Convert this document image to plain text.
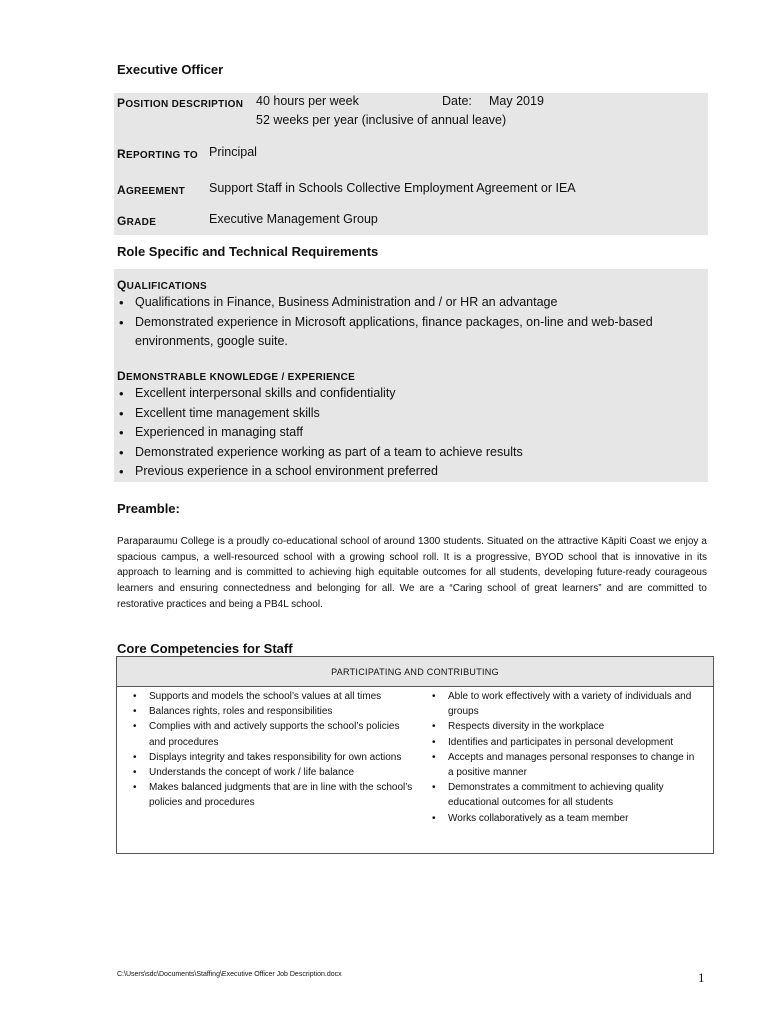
Executive Officer
POSITION DESCRIPTION 40 hours per week	Date: May 2019
52 weeks per year (inclusive of annual leave)
REPORTING TO Principal
AGREEMENT Support Staff in Schools Collective Employment Agreement or IEA
GRADE	Executive Management Group
Role Specific and Technical Requirements
QUALIFICATIONS
• Qualifications in Finance, Business Administration and / or HR an advantage
• Demonstrated experience in Microsoft applications, finance packages, on-line and web-based environments, google suite.
DEMONSTRABLE KNOWLEDGE / EXPERIENCE
• Excellent interpersonal skills and confidentiality
• Excellent time management skills
• Experienced in managing staff
• Demonstrated experience working as part of a team to achieve results
• Previous experience in a school environment preferred
Preamble:
Paraparaumu College is a proudly co-educational school of around 1300 students. Situated on the attractive Kāpiti Coast we enjoy a spacious campus, a well-resourced school with a growing school roll. It is a progressive, BYOD school that is innovative in its approach to learning and is committed to achieving high equitable outcomes for all students, developing future-ready courageous learners and ensuring connectedness and belonging for all. We are a “Caring school of great learners” and are committed to restorative practices and being a PB4L school.
Core Competencies for Staff
PARTICIPATING AND CONTRIBUTING
• Supports and models the school’s values at all times
• Balances rights, roles and responsibilities
• Complies with and actively supports the school’s policies and procedures
• Displays integrity and takes responsibility for own actions
• Understands the concept of work / life balance
• Makes balanced judgments that are in line with the school’s policies and procedures
• Able to work effectively with a variety of individuals and groups
• Respects diversity in the workplace
• Identifies and participates in personal development
• Accepts and manages personal responses to change in a positive manner
• Demonstrates a commitment to achieving quality educational outcomes for all students
• Works collaboratively as a team member
C:\Users\sdc\Documents\Staffing\Executive Officer Job Description.docx	1
